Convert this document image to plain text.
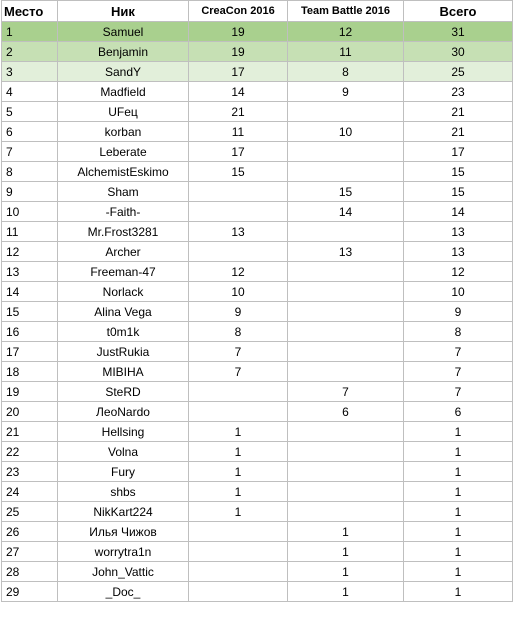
Место	Ник	CreaCon 2016	Team Battle 2016	Всего
1	Samuel	19	12	31
2	Benjamin	19	11	30
3	SandY	17	8	25
4	Madfield	14	9	23
5	UFец	21		21
6	korban	11	10	21
7	Leberate	17		17
8	AlchemistEskimo	15		15
9	Sham		15	15
10	-Faith-		14	14
11	Mr.Frost3281	13		13
12	Archer		13	13
13	Freeman-47	12		12
14	Norlack	10		10
15	Alina Vega	9		9
16	t0m1k	8		8
17	JustRukia	7		7
18	MIBIHA	7		7
19	SteRD		7	7
20	ЛеоNardo		6	6
21	Hellsing	1		1
22	Volna	1		1
23	Fury	1		1
24	shbs	1		1
25	NikKart224	1		1
26	Илья Чижов		1	1
27	worrytra1n		1	1
28	John_Vattic		1	1
29	_Doc_		1	1
